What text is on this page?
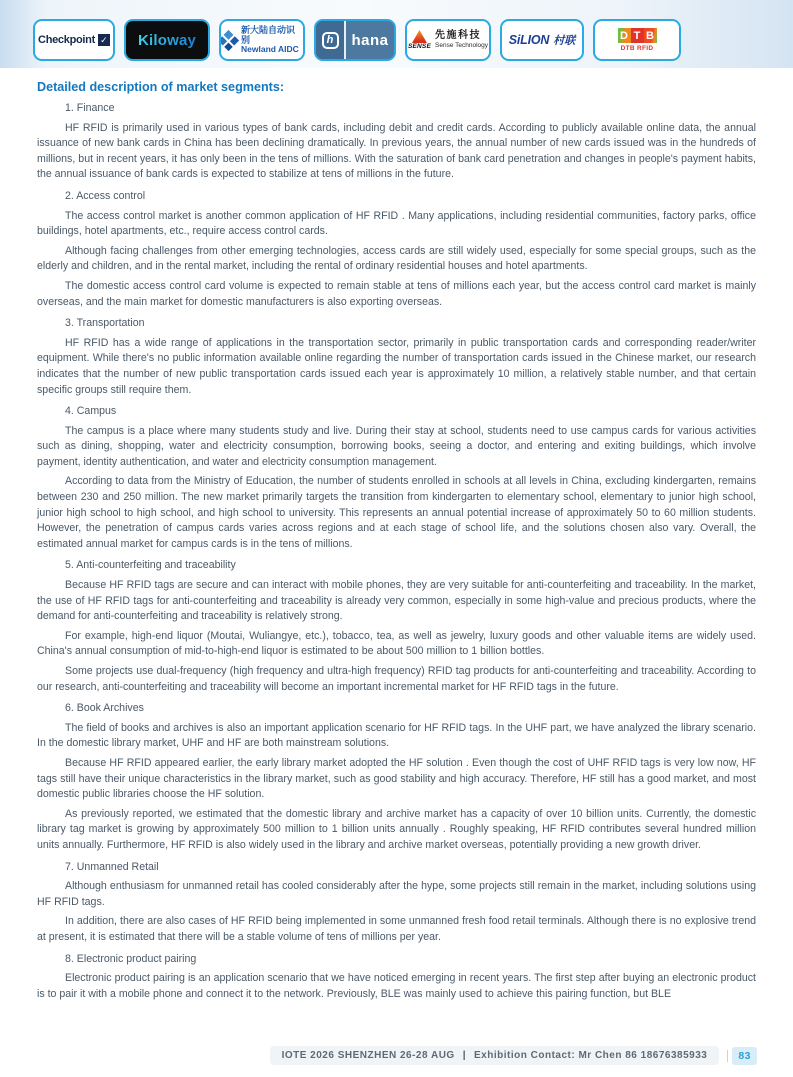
Checkpoint ✓ Kiloway
新大陆自动识别
Newland AIDC
h	hana	SENSE
先施科技
Sense Technology SiLION 村联	D T B
DTB RFID
Detailed description of market segments:
1. Finance

HF RFID is primarily used in various types of bank cards, including debit and credit cards. According to publicly available online data, the annual issuance of new bank cards in China has been declining dramatically. In previous years, the annual number of new cards issued was in the hundreds of millions, but in recent years, it has only been in the tens of millions. With the saturation of bank card penetration and changes in people's payment habits, the annual issuance of bank cards is expected to stabilize at tens of millions in the future.

2. Access control

The access control market is another common application of HF RFID . Many applications, including residential communities, factory parks, office buildings, hotel apartments, etc., require access control cards.

Although facing challenges from other emerging technologies, access cards are still widely used, especially for some special groups, such as the elderly and children, and in the rental market, including the rental of ordinary residential houses and hotel apartments.

The domestic access control card volume is expected to remain stable at tens of millions each year, but the access control card market is mainly overseas, and the main market for domestic manufacturers is also exporting overseas.

3. Transportation

HF RFID has a wide range of applications in the transportation sector, primarily in public transportation cards and corresponding reader/writer equipment. While there's no public information available online regarding the number of transportation cards issued in the Chinese market, our research indicates that the number of new public transportation cards issued each year is approximately 10 million, a relatively stable number, and that certain specific groups still require them.

4. Campus

The campus is a place where many students study and live. During their stay at school, students need to use campus cards for various activities such as dining, shopping, water and electricity consumption, borrowing books, seeing a doctor, and entering and exiting buildings, which involve payment, identity authentication, and water and electricity consumption management.

According to data from the Ministry of Education, the number of students enrolled in schools at all levels in China, excluding kindergarten, remains between 230 and 250 million. The new market primarily targets the transition from kindergarten to elementary school, elementary to junior high school, junior high school to high school, and high school to university. This represents an annual potential increase of approximately 50 to 60 million students. However, the penetration of campus cards varies across regions and at each stage of school life, and the solutions chosen also vary. Overall, the estimated annual market for campus cards is in the tens of millions.

5. Anti-counterfeiting and traceability

Because HF RFID tags are secure and can interact with mobile phones, they are very suitable for anti-counterfeiting and traceability. In the market, the use of HF RFID tags for anti-counterfeiting and traceability is already very common, especially in some high-value and precious products, where the demand for anti-counterfeiting and traceability is relatively strong.

For example, high-end liquor (Moutai, Wuliangye, etc.), tobacco, tea, as well as jewelry, luxury goods and other valuable items are widely used. China's annual consumption of mid-to-high-end liquor is estimated to be about 500 million to 1 billion bottles.

Some projects use dual-frequency (high frequency and ultra-high frequency) RFID tag products for anti-counterfeiting and traceability. According to our research, anti-counterfeiting and traceability will become an important incremental market for HF RFID tags in the future.

6. Book Archives

The field of books and archives is also an important application scenario for HF RFID tags. In the UHF part, we have analyzed the library scenario. In the domestic library market, UHF and HF are both mainstream solutions.

Because HF RFID appeared earlier, the early library market adopted the HF solution . Even though the cost of UHF RFID tags is very low now, HF tags still have their unique characteristics in the library market, such as good stability and high accuracy. Therefore, HF still has a good market, and most domestic public libraries choose the HF solution.

As previously reported, we estimated that the domestic library and archive market has a capacity of over 10 billion units. Currently, the domestic library tag market is growing by approximately 500 million to 1 billion units annually . Roughly speaking, HF RFID contributes several hundred million units annually. Furthermore, HF RFID is also widely used in the library and archive market overseas, potentially providing a new growth driver.

7. Unmanned Retail

Although enthusiasm for unmanned retail has cooled considerably after the hype, some projects still remain in the market, including solutions using HF RFID tags.

In addition, there are also cases of HF RFID being implemented in some unmanned fresh food retail terminals. Although there is no explosive trend at present, it is estimated that there will be a stable volume of tens of millions per year.

8. Electronic product pairing

Electronic product pairing is an application scenario that we have noticed emerging in recent years. The first step after buying an electronic product is to pair it with a mobile phone and connect it to the network. Previously, BLE was mainly used to achieve this pairing function, but BLE

IOTE 2026 SHENZHEN 26-28 AUG | Exhibition Contact: Mr Chen 86 18676385933	83
